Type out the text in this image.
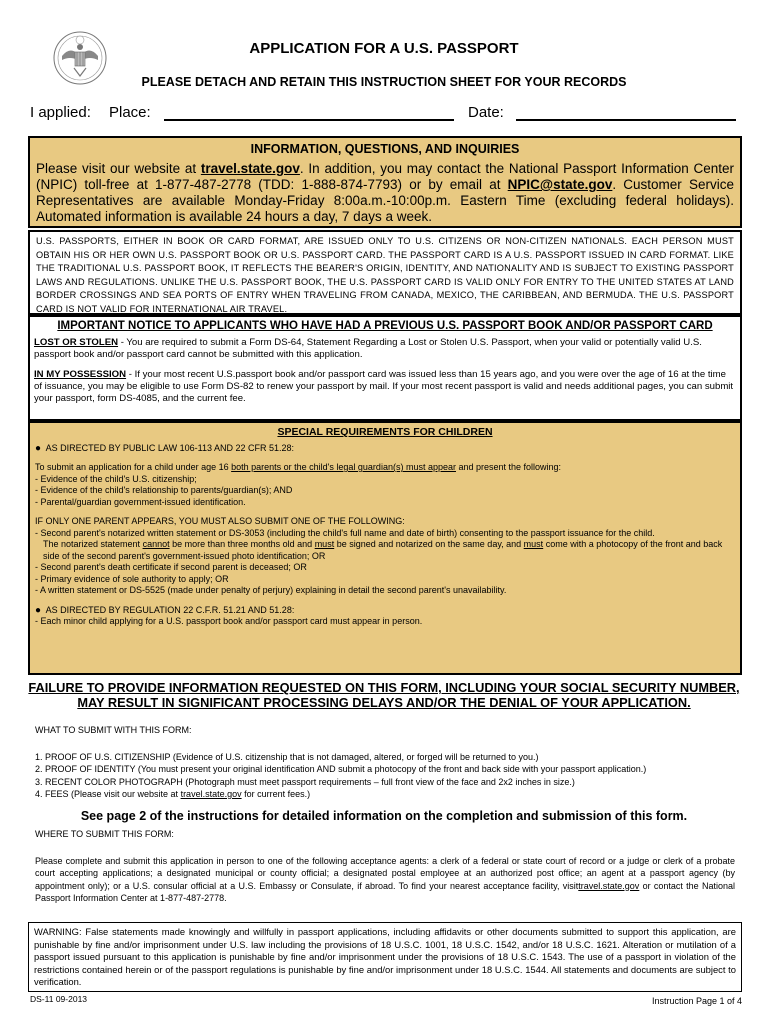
APPLICATION FOR A U.S. PASSPORT
PLEASE DETACH AND RETAIN THIS INSTRUCTION SHEET FOR YOUR RECORDS
I applied: Place:	Date:
INFORMATION, QUESTIONS, AND INQUIRIES
Please visit our website at travel.state.gov. In addition, you may contact the National Passport Information Center (NPIC) toll-free at 1-877-487-2778 (TDD: 1-888-874-7793) or by email at NPIC@state.gov. Customer Service Representatives are available Monday-Friday 8:00a.m.-10:00p.m. Eastern Time (excluding federal holidays). Automated information is available 24 hours a day, 7 days a week.
U.S. PASSPORTS, EITHER IN BOOK OR CARD FORMAT, ARE ISSUED ONLY TO U.S. CITIZENS OR NON-CITIZEN NATIONALS. EACH PERSON MUST OBTAIN HIS OR HER OWN U.S. PASSPORT BOOK OR U.S. PASSPORT CARD. THE PASSPORT CARD IS A U.S. PASSPORT ISSUED IN CARD FORMAT. LIKE THE TRADITIONAL U.S. PASSPORT BOOK, IT REFLECTS THE BEARER'S ORIGIN, IDENTITY, AND NATIONALITY AND IS SUBJECT TO EXISTING PASSPORT LAWS AND REGULATIONS. UNLIKE THE U.S. PASSPORT BOOK, THE U.S. PASSPORT CARD IS VALID ONLY FOR ENTRY TO THE UNITED STATES AT LAND BORDER CROSSINGS AND SEA PORTS OF ENTRY WHEN TRAVELING FROM CANADA, MEXICO, THE CARIBBEAN, AND BERMUDA. THE U.S. PASSPORT CARD IS NOT VALID FOR INTERNATIONAL AIR TRAVEL.
IMPORTANT NOTICE TO APPLICANTS WHO HAVE HAD A PREVIOUS U.S. PASSPORT BOOK AND/OR PASSPORT CARD

LOST OR STOLEN - You are required to submit a Form DS-64, Statement Regarding a Lost or Stolen U.S. Passport, when your valid or potentially valid U.S. passport book and/or passport card cannot be submitted with this application.

IN MY POSSESSION - If your most recent U.S.passport book and/or passport card was issued less than 15 years ago, and you were over the age of 16 at the time of issuance, you may be eligible to use Form DS-82 to renew your passport by mail. If your most recent passport is valid and needs additional pages, you can submit your passport, form DS-4085, and the current fee.

SPECIAL REQUIREMENTS FOR CHILDREN
● AS DIRECTED BY PUBLIC LAW 106-113 AND 22 CFR 51.28:
To submit an application for a child under age 16 both parents or the child's legal guardian(s) must appear and present the following:
- Evidence of the child's U.S. citizenship;
- Evidence of the child's relationship to parents/guardian(s); AND
- Parental/guardian government-issued identification.
IF ONLY ONE PARENT APPEARS, YOU MUST ALSO SUBMIT ONE OF THE FOLLOWING:
- Second parent's notarized written statement or DS-3053 (including the child's full name and date of birth) consenting to the passport issuance for the child.
The notarized statement cannot be more than three months old and must be signed and notarized on the same day, and must come with a photocopy of the front and back side of the second parent's government-issued photo identification; OR
- Second parent's death certificate if second parent is deceased; OR
- Primary evidence of sole authority to apply; OR
- A written statement or DS-5525 (made under penalty of perjury) explaining in detail the second parent's unavailability.
● AS DIRECTED BY REGULATION 22 C.F.R. 51.21 AND 51.28:
- Each minor child applying for a U.S. passport book and/or passport card must appear in person.
FAILURE TO PROVIDE INFORMATION REQUESTED ON THIS FORM, INCLUDING YOUR SOCIAL SECURITY NUMBER,
MAY RESULT IN SIGNIFICANT PROCESSING DELAYS AND/OR THE DENIAL OF YOUR APPLICATION.
WHAT TO SUBMIT WITH THIS FORM:
1. PROOF OF U.S. CITIZENSHIP (Evidence of U.S. citizenship that is not damaged, altered, or forged will be returned to you.)
2. PROOF OF IDENTITY (You must present your original identification AND submit a photocopy of the front and back side with your passport application.)
3. RECENT COLOR PHOTOGRAPH (Photograph must meet passport requirements – full front view of the face and 2x2 inches in size.)
4. FEES (Please visit our website at travel.state.gov for current fees.)
See page 2 of the instructions for detailed information on the completion and submission of this form.
WHERE TO SUBMIT THIS FORM:
Please complete and submit this application in person to one of the following acceptance agents: a clerk of a federal or state court of record or a judge or clerk of a probate court accepting applications; a designated municipal or county official; a designated postal employee at an authorized post office; an agent at a passport agency (by appointment only); or a U.S. consular official at a U.S. Embassy or Consulate, if abroad. To find your nearest acceptance facility, visittravel.state.gov or contact the National Passport Information Center at 1-877-487-2778.
WARNING: False statements made knowingly and willfully in passport applications, including affidavits or other documents submitted to support this application, are punishable by fine and/or imprisonment under U.S. law including the provisions of 18 U.S.C. 1001, 18 U.S.C. 1542, and/or 18 U.S.C. 1621. Alteration or mutilation of a passport issued pursuant to this application is punishable by fine and/or imprisonment under the provisions of 18 U.S.C. 1543. The use of a passport in violation of the restrictions contained herein or of the passport regulations is punishable by fine and/or imprisonment under 18 U.S.C. 1544. All statements and documents are subject to verification.
DS-11 09-2013	Instruction Page 1 of 4
